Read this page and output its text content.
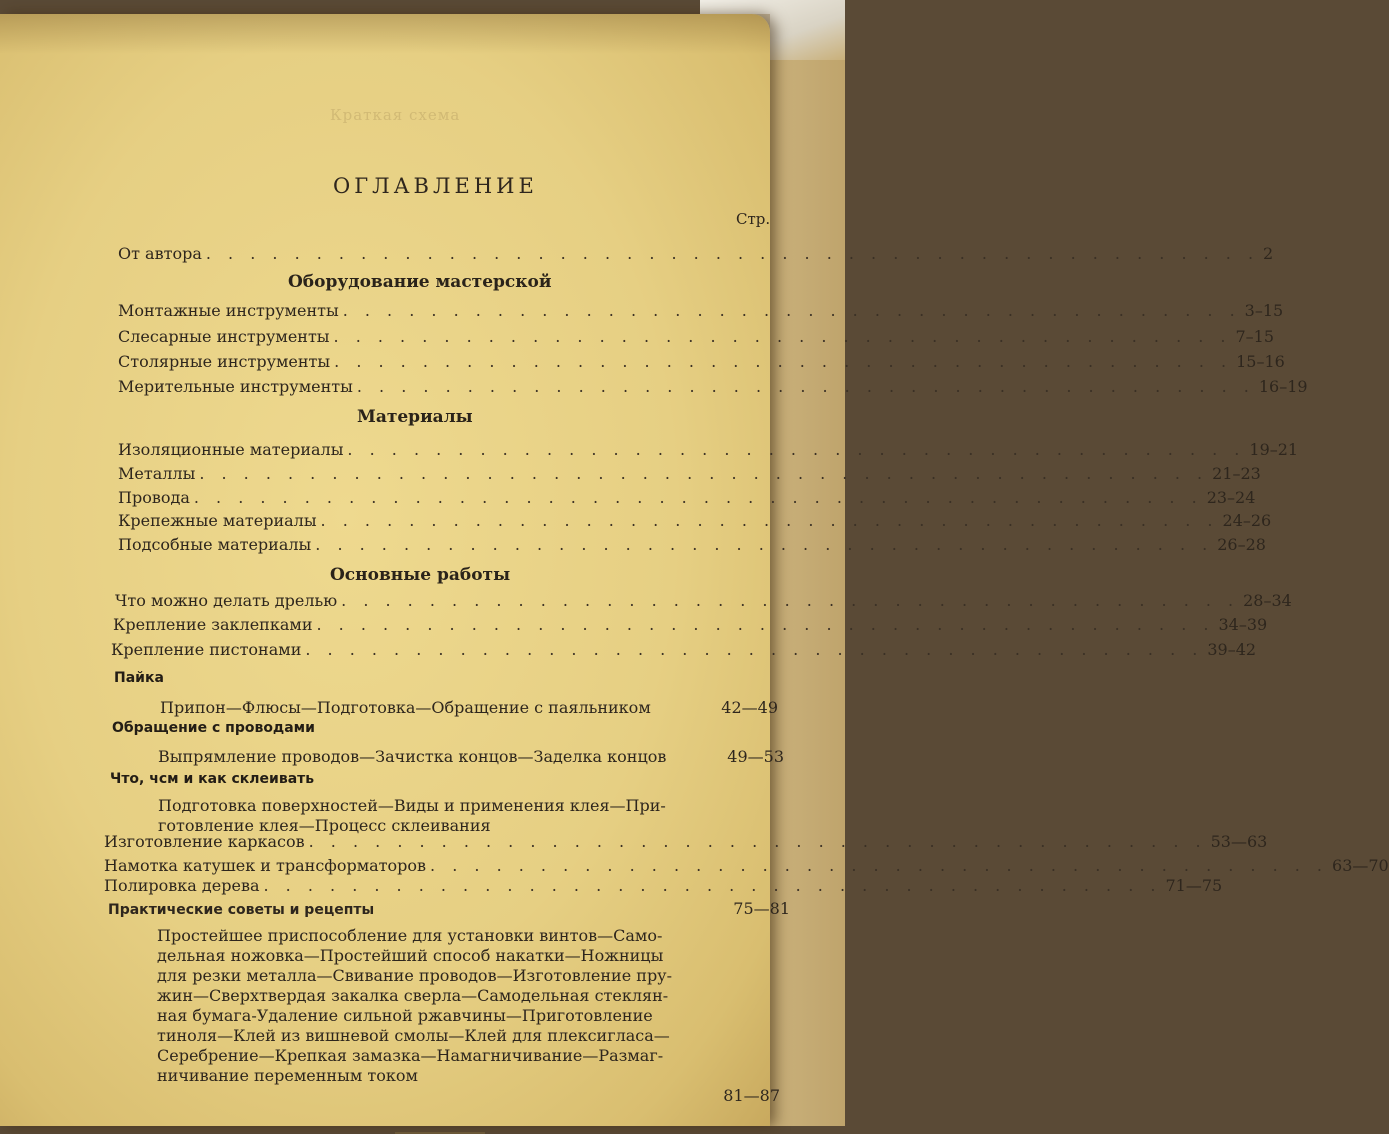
Краткая схема
ОГЛАВЛЕНИЕ
Стр.
От автора . . . . . . . . . . . . . . . . . . . . . . . . . . . . . . . . . . . . . . . . . . . . . . . . 2
Оборудование мастерской
Монтажные инструменты . . . . . . . . . . . . . . . . . . . . . . . . . . . . . . . . . . . . . . . . . 3–15
Слесарные инструменты . . . . . . . . . . . . . . . . . . . . . . . . . . . . . . . . . . . . . . . . . 7–15
Столярные инструменты . . . . . . . . . . . . . . . . . . . . . . . . . . . . . . . . . . . . . . . . . 15–16
Мерительные инструменты . . . . . . . . . . . . . . . . . . . . . . . . . . . . . . . . . . . . . . . . . 16–19
Материалы
Изоляционные материалы . . . . . . . . . . . . . . . . . . . . . . . . . . . . . . . . . . . . . . . . . 19–21
Металлы . . . . . . . . . . . . . . . . . . . . . . . . . . . . . . . . . . . . . . . . . . . . . . 21–23
Провода . . . . . . . . . . . . . . . . . . . . . . . . . . . . . . . . . . . . . . . . . . . . . . 23–24
Крепежные материалы . . . . . . . . . . . . . . . . . . . . . . . . . . . . . . . . . . . . . . . . . 24–26
Подсобные материалы . . . . . . . . . . . . . . . . . . . . . . . . . . . . . . . . . . . . . . . . . 26–28
Основные работы
Что можно делать дрелью . . . . . . . . . . . . . . . . . . . . . . . . . . . . . . . . . . . . . . . . . 28–34
Крепление заклепками . . . . . . . . . . . . . . . . . . . . . . . . . . . . . . . . . . . . . . . . . 34–39
Крепление пистонами . . . . . . . . . . . . . . . . . . . . . . . . . . . . . . . . . . . . . . . . . 39–42
Пайка
Припон—Флюсы—Подготовка—Обращение с паяльником	42—49
Обращение с проводами
Выпрямление проводов—Зачистка концов—Заделка концов	49—53
Что, чсм и как склеивать
Подготовка поверхностей—Виды и применения клея—При-
готовление клея—Процесс склеивания
Изготовление каркасов . . . . . . . . . . . . . . . . . . . . . . . . . . . . . . . . . . . . . . . . . 53—63
Намотка катушек и трансформаторов . . . . . . . . . . . . . . . . . . . . . . . . . . . . . . . . . . . . . . . . . 63—70
Полировка дерева . . . . . . . . . . . . . . . . . . . . . . . . . . . . . . . . . . . . . . . . . 71—75
Практические советы и рецепты	75—81
Простейшее приспособление для установки винтов—Само-
дельная ножовка—Простейший способ накатки—Ножницы
для резки металла—Свивание проводов—Изготовление пру-
жин—Сверхтвердая закалка сверла—Самодельная стеклян-
ная бумага-Удаление сильной ржавчины—Приготовление
тиноля—Клей из вишневой смолы—Клей для плексигласа—
Серебрение—Крепкая замазка—Намагничивание—Размаг-
ничивание переменным током
81—87
